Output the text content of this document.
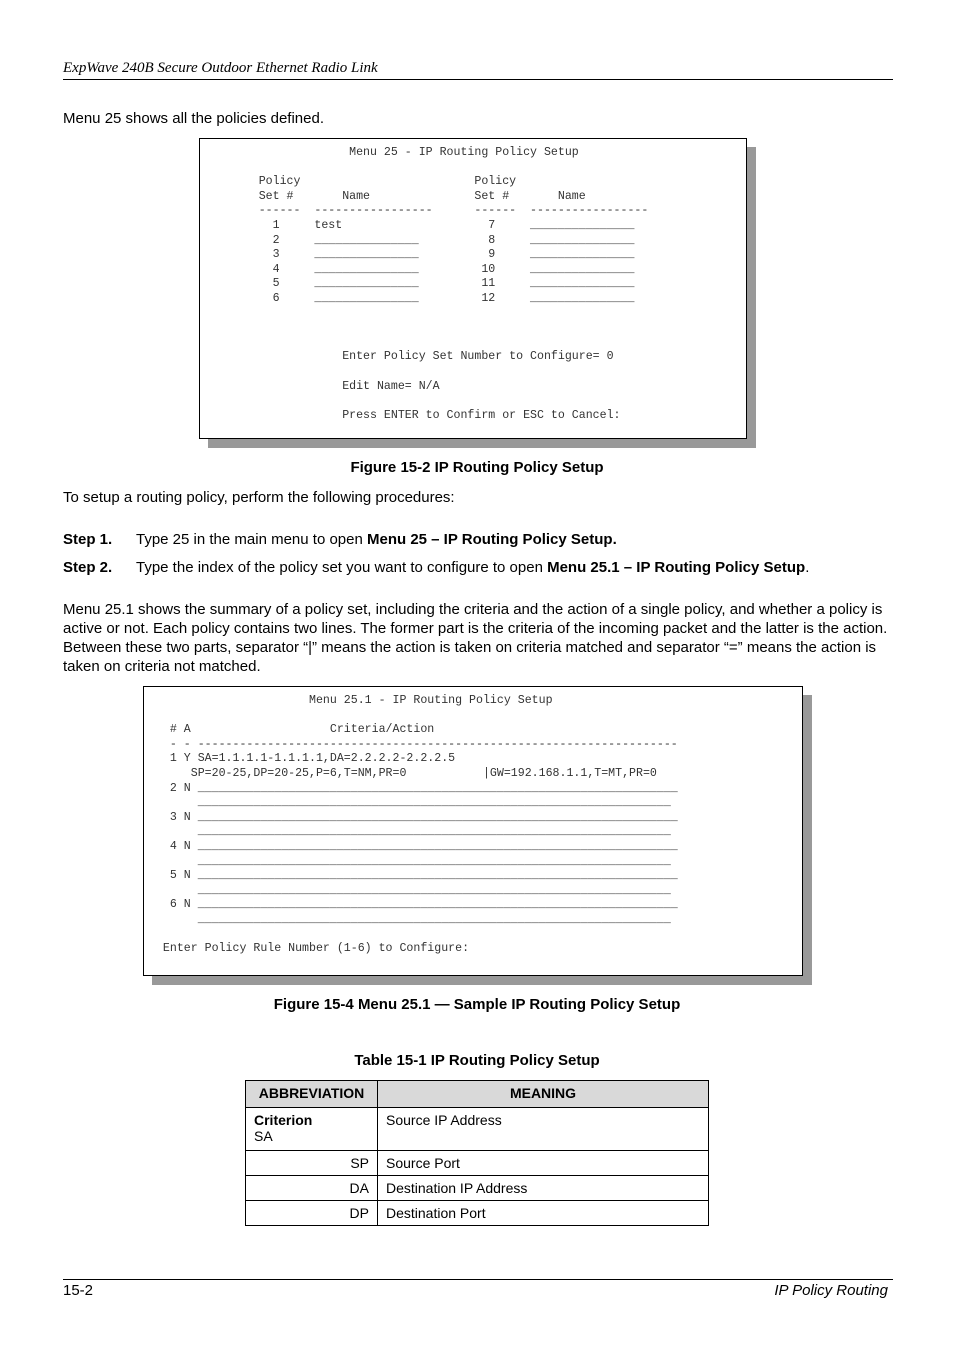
ExpWave 240B Secure Outdoor Ethernet Radio Link
Menu 25 shows all the policies defined.
Menu 25 - IP Routing Policy Setup

Policy                         Policy
Set #       Name               Set #       Name
------  -----------------      ------  -----------------
1     test                     7     _______________
2     _______________          8     _______________
3     _______________          9     _______________
4     _______________         10     _______________
5     _______________         11     _______________
6     _______________         12     _______________

Enter Policy Set Number to Configure= 0

Edit Name= N/A

Press ENTER to Confirm or ESC to Cancel:
Figure 15-2 IP Routing Policy Setup
To setup a routing policy, perform the following procedures:
Step 1. Type 25 in the main menu to open Menu 25 – IP Routing Policy Setup.
Step 2. Type the index of the policy set you want to configure to open Menu 25.1 – IP Routing Policy Setup.
Menu 25.1 shows the summary of a policy set, including the criteria and the action of a single policy, and whether a policy is active or not. Each policy contains two lines. The former part is the criteria of the incoming packet and the latter is the action. Between these two parts, separator “|” means the action is taken on criteria matched and separator “=” means the action is taken on criteria not matched.
Menu 25.1 - IP Routing Policy Setup

# A                    Criteria/Action
- - ---------------------------------------------------------------------
1 Y SA=1.1.1.1-1.1.1.1,DA=2.2.2.2-2.2.2.5
SP=20-25,DP=20-25,P=6,T=NM,PR=0           |GW=192.168.1.1,T=MT,PR=0
2 N _____________________________________________________________________
____________________________________________________________________
3 N _____________________________________________________________________
____________________________________________________________________
4 N _____________________________________________________________________
____________________________________________________________________
5 N _____________________________________________________________________
____________________________________________________________________
6 N _____________________________________________________________________
____________________________________________________________________

Enter Policy Rule Number (1-6) to Configure:
Figure 15-4 Menu 25.1 — Sample IP Routing Policy Setup
Table 15-1 IP Routing Policy Setup
ABBREVIATION	MEANING
Criterion
SA	Source IP Address
SP	Source Port
DA	Destination IP Address
DP	Destination Port
15-2	IP Policy Routing
